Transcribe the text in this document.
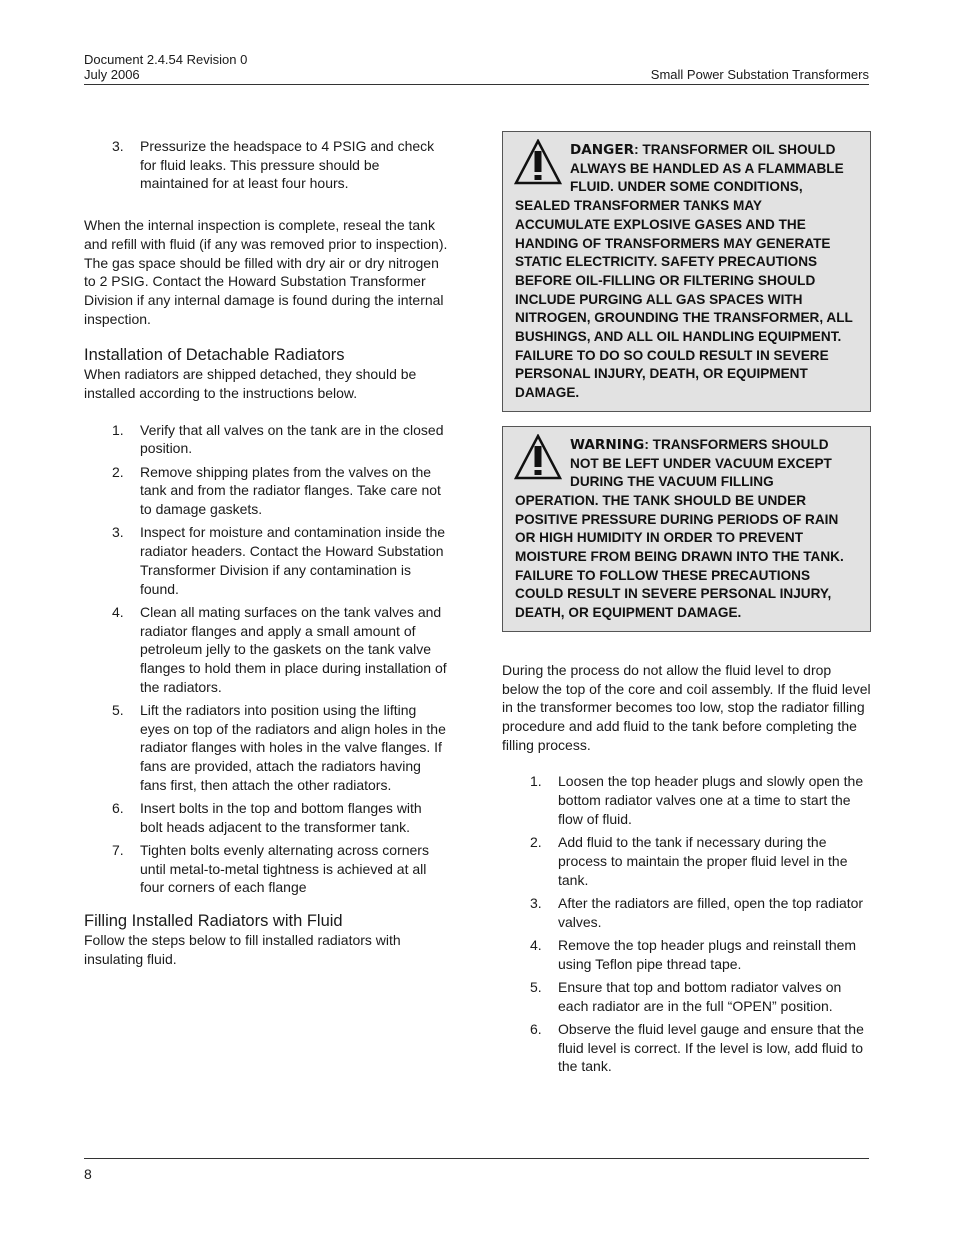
Document 2.4.54 Revision 0
July 2006	Small Power Substation Transformers
3. Pressurize the headspace to 4 PSIG and check for fluid leaks. This pressure should be maintained for at least four hours.

When the internal inspection is complete, reseal the tank and refill with fluid (if any was removed prior to inspection). The gas space should be filled with dry air or dry nitrogen to 2 PSIG. Contact the Howard Substation Transformer Division if any internal damage is found during the internal inspection.

Installation of Detachable Radiators

When radiators are shipped detached, they should be installed according to the instructions below.

1. Verify that all valves on the tank are in the closed position.
2. Remove shipping plates from the valves on the tank and from the radiator flanges. Take care not to damage gaskets.
3. Inspect for moisture and contamination inside the radiator headers. Contact the Howard Substation Transformer Division if any contamination is found.
4. Clean all mating surfaces on the tank valves and radiator flanges and apply a small amount of petroleum jelly to the gaskets on the tank valve flanges to hold them in place during installation of the radiators.
5. Lift the radiators into position using the lifting eyes on top of the radiators and align holes in the radiator flanges with holes in the valve flanges. If fans are provided, attach the radiators having fans first, then attach the other radiators.
6. Insert bolts in the top and bottom flanges with bolt heads adjacent to the transformer tank.
7. Tighten bolts evenly alternating across corners until metal-to-metal tightness is achieved at all four corners of each flange
Filling Installed Radiators with Fluid

Follow the steps below to fill installed radiators with insulating fluid.

DANGER: TRANSFORMER OIL SHOULD ALWAYS BE HANDLED AS A FLAMMABLE FLUID. UNDER SOME CONDITIONS, SEALED TRANSFORMER TANKS MAY ACCUMULATE EXPLOSIVE GASES AND THE HANDING OF TRANSFORMERS MAY GENERATE STATIC ELECTRICITY. SAFETY PRECAUTIONS BEFORE OIL-FILLING OR FILTERING SHOULD INCLUDE PURGING ALL GAS SPACES WITH NITROGEN, GROUNDING THE TRANSFORMER, ALL BUSHINGS, AND ALL OIL HANDLING EQUIPMENT. FAILURE TO DO SO COULD RESULT IN SEVERE PERSONAL INJURY, DEATH, OR EQUIPMENT DAMAGE.
WARNING: TRANSFORMERS SHOULD NOT BE LEFT UNDER VACUUM EXCEPT DURING THE VACUUM FILLING OPERATION. THE TANK SHOULD BE UNDER POSITIVE PRESSURE DURING PERIODS OF RAIN OR HIGH HUMIDITY IN ORDER TO PREVENT MOISTURE FROM BEING DRAWN INTO THE TANK. FAILURE TO FOLLOW THESE PRECAUTIONS COULD RESULT IN SEVERE PERSONAL INJURY, DEATH, OR EQUIPMENT DAMAGE.

During the process do not allow the fluid level to drop below the top of the core and coil assembly. If the fluid level in the transformer becomes too low, stop the radiator filling procedure and add fluid to the tank before completing the filling process.

1. Loosen the top header plugs and slowly open the bottom radiator valves one at a time to start the flow of fluid.
2. Add fluid to the tank if necessary during the process to maintain the proper fluid level in the tank.
3. After the radiators are filled, open the top radiator valves.
4. Remove the top header plugs and reinstall them using Teflon pipe thread tape.
5. Ensure that top and bottom radiator valves on each radiator are in the full “OPEN” position.
6. Observe the fluid level gauge and ensure that the fluid level is correct. If the level is low, add fluid to the tank.
8
